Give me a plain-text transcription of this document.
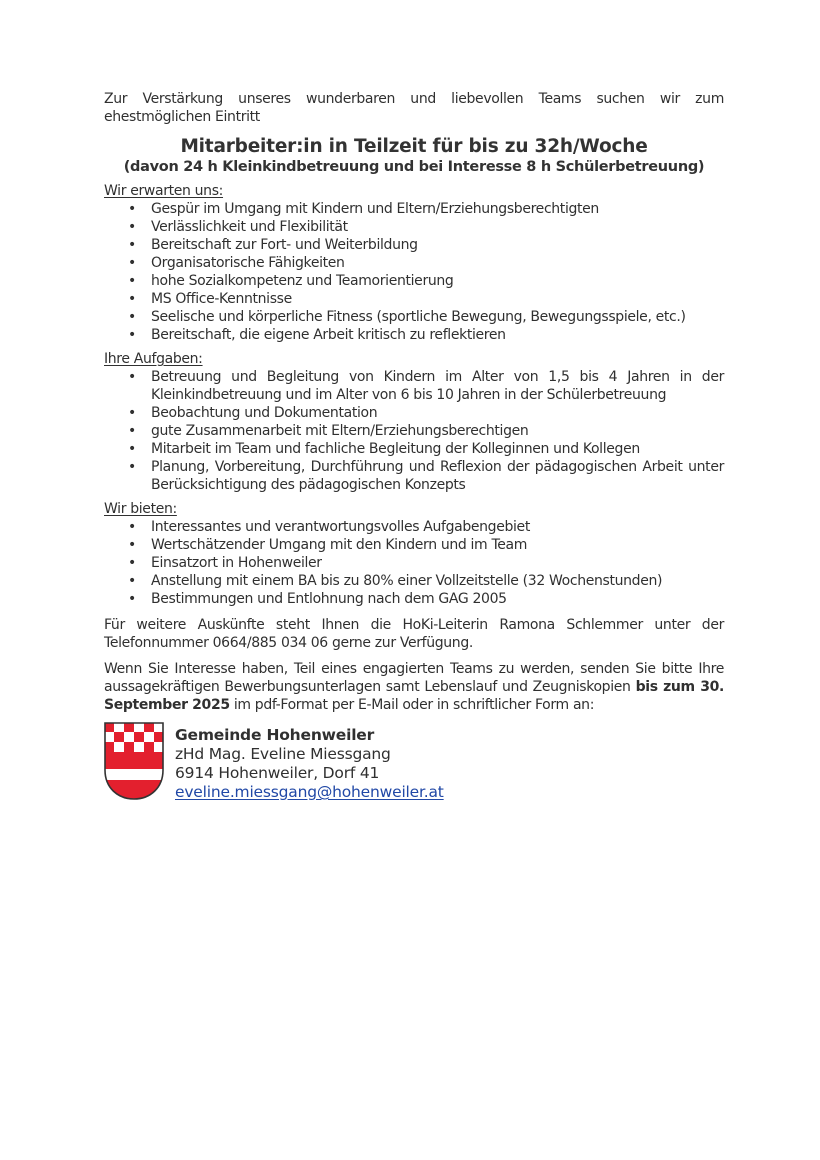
Zur Verstärkung unseres wunderbaren und liebevollen Teams suchen wir zum ehestmöglichen Eintritt

Mitarbeiter:in in Teilzeit für bis zu 32h/Woche

(davon 24 h Kleinkindbetreuung und bei Interesse 8 h Schülerbetreuung)

Wir erwarten uns:
• Gespür im Umgang mit Kindern und Eltern/Erziehungsberechtigten
• Verlässlichkeit und Flexibilität
• Bereitschaft zur Fort- und Weiterbildung
• Organisatorische Fähigkeiten
• hohe Sozialkompetenz und Teamorientierung
• MS Office-Kenntnisse
• Seelische und körperliche Fitness (sportliche Bewegung, Bewegungsspiele, etc.)
• Bereitschaft, die eigene Arbeit kritisch zu reflektieren
Ihre Aufgaben:
• Betreuung und Begleitung von Kindern im Alter von 1,5 bis 4 Jahren in der Kleinkindbetreuung und im Alter von 6 bis 10 Jahren in der Schülerbetreuung
• Beobachtung und Dokumentation
• gute Zusammenarbeit mit Eltern/Erziehungsberechtigen
• Mitarbeit im Team und fachliche Begleitung der Kolleginnen und Kollegen
• Planung, Vorbereitung, Durchführung und Reflexion der pädagogischen Arbeit unter Berücksichtigung des pädagogischen Konzepts
Wir bieten:
• Interessantes und verantwortungsvolles Aufgabengebiet
• Wertschätzender Umgang mit den Kindern und im Team
• Einsatzort in Hohenweiler
• Anstellung mit einem BA bis zu 80% einer Vollzeitstelle (32 Wochenstunden)
• Bestimmungen und Entlohnung nach dem GAG 2005

Für weitere Auskünfte steht Ihnen die HoKi-Leiterin Ramona Schlemmer unter der Telefonnummer 0664/885 034 06 gerne zur Verfügung.

Wenn Sie Interesse haben, Teil eines engagierten Teams zu werden, senden Sie bitte Ihre aussagekräftigen Bewerbungsunterlagen samt Lebenslauf und Zeugniskopien bis zum 30. September 2025 im pdf-Format per E-Mail oder in schriftlicher Form an:

Gemeinde Hohenweiler
zHd Mag. Eveline Miessgang
6914 Hohenweiler, Dorf 41
eveline.miessgang@hohenweiler.at
